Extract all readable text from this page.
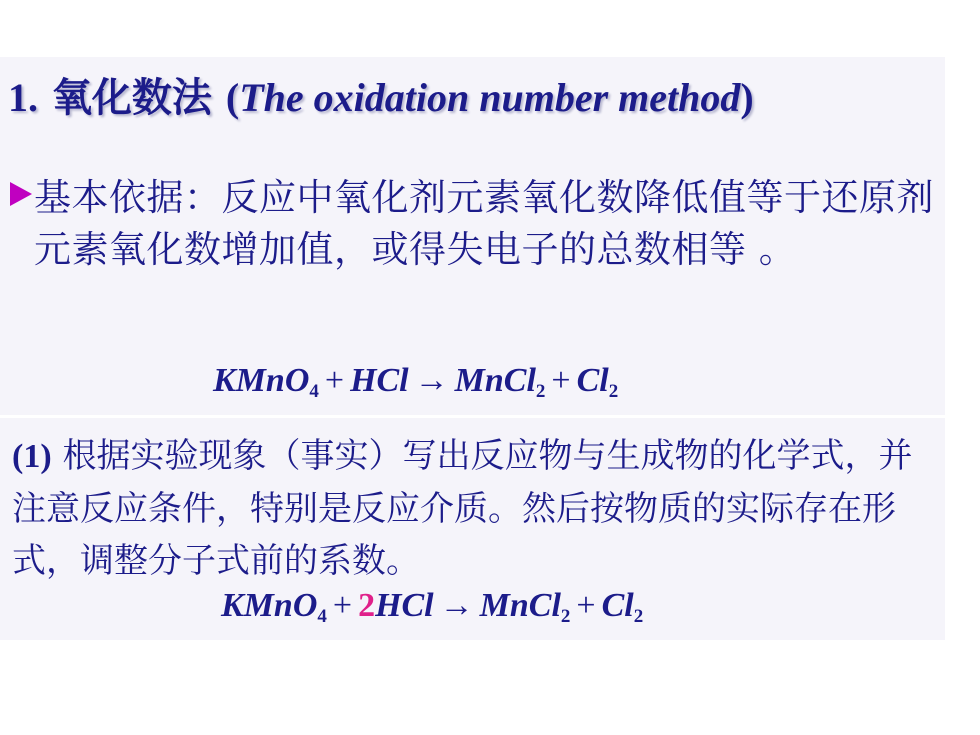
1. 氧化数法 (The oxidation number method)
基本依据：反应中氧化剂元素氧化数降低值等于还原剂元素氧化数增加值，或得失电子的总数相等 。
KMnO$_4$ + HCl → MnCl$_2$ + $Cl_2$
(1) 根据实验现象（事实）写出反应物与生成物的化学式，并注意反应条件，特别是反应介质。然后按物质的实际存在形式，调整分子式前的系数。
KMnO$_4$ + 2HCl → MnCl$_2$ + $Cl_2$
